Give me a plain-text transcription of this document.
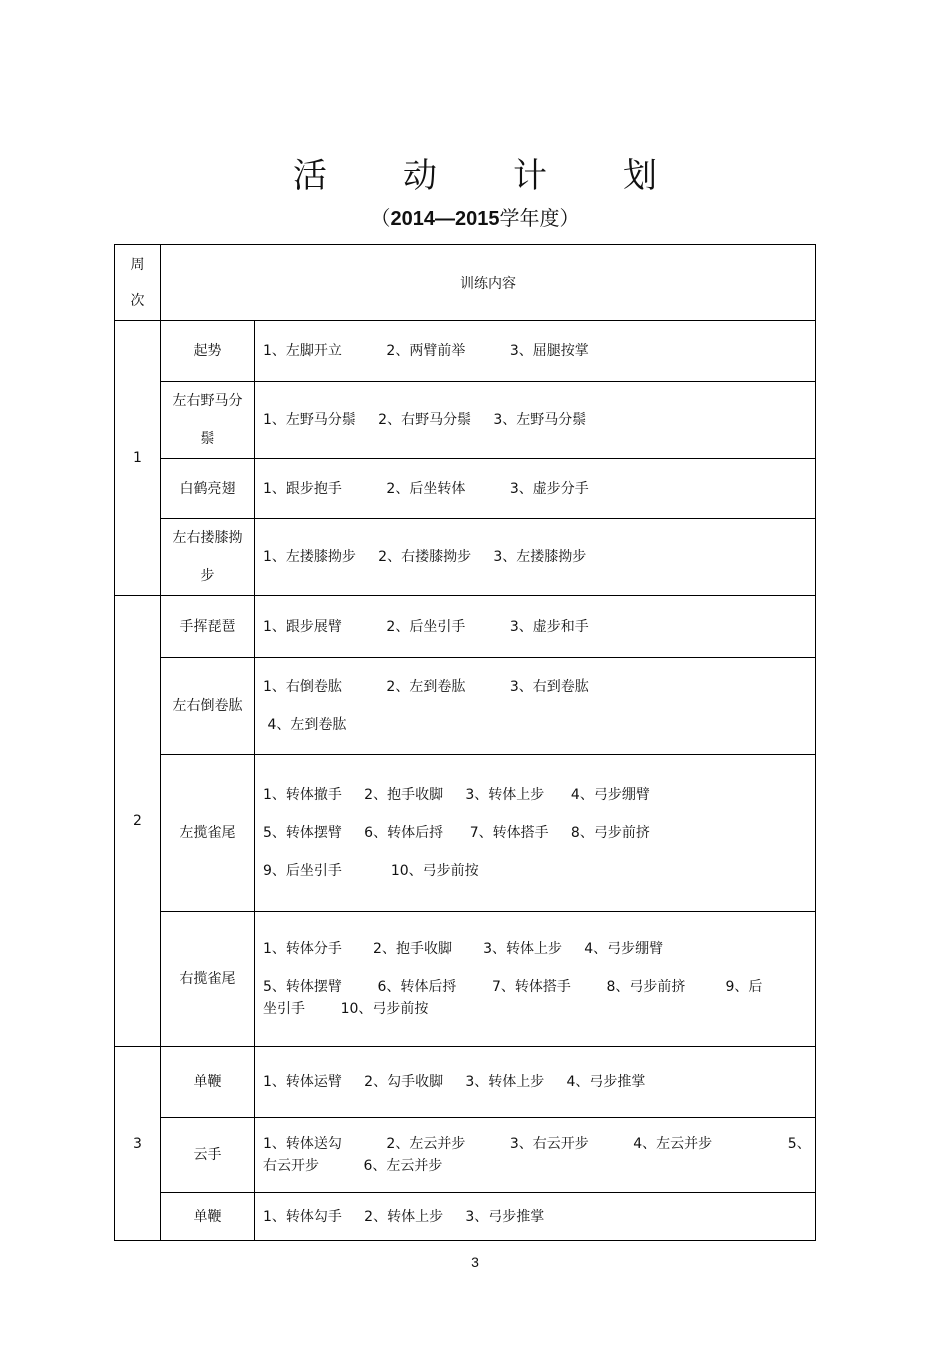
活 动 计 划
（2014—2015学年度）
周次	训练内容	
1	起势	1、左脚开立          2、两臂前举          3、屈腿按掌

	左右野马分鬃	1、左野马分鬃     2、右野马分鬃     3、左野马分鬃

	白鹤亮翅	1、跟步抱手          2、后坐转体          3、虚步分手

	左右搂膝拗步	1、左搂膝拗步     2、右搂膝拗步     3、左搂膝拗步

2	手挥琵琶	1、跟步展臂          2、后坐引手          3、虚步和手

	左右倒卷肱	1、右倒卷肱          2、左到卷肱          3、右到卷肱
4、左到卷肱

	左揽雀尾	1、转体撤手     2、抱手收脚     3、转体上步      4、弓步绷臂
5、转体摆臂     6、转体后捋      7、转体搭手     8、弓步前挤
9、后坐引手           10、弓步前按

	右揽雀尾	1、转体分手       2、抱手收脚       3、转体上步     4、弓步绷臂
5、转体摆臂        6、转体后捋        7、转体搭手        8、弓步前挤         9、后
坐引手        10、弓步前按

3	单鞭	1、转体运臂     2、勾手收脚     3、转体上步     4、弓步推掌

	云手	1、转体送勾          2、左云并步          3、右云开步          4、左云并步                 5、
右云开步          6、左云并步

	单鞭	1、转体勾手     2、转体上步     3、弓步推掌
3
